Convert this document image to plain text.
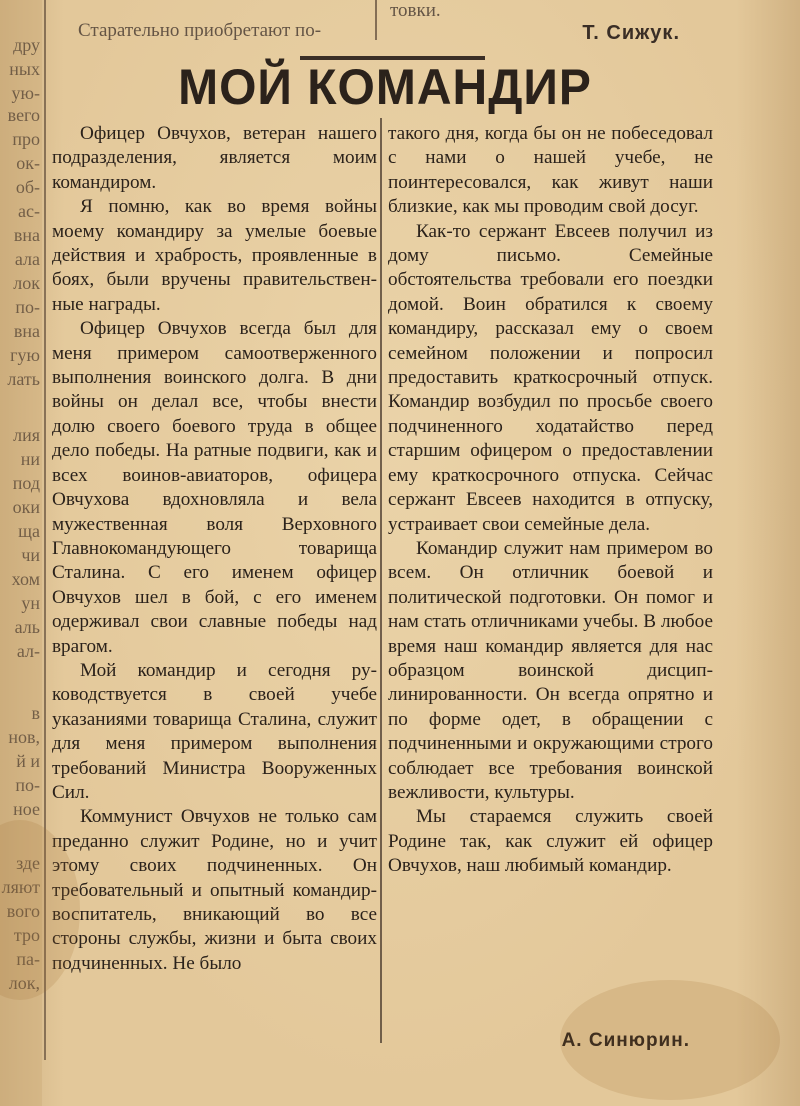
дру
ных
ую-
вего
про
ок-
об-
ас-
вна
ала
лок
по-
вна
гую
лать
лия
ни
под
оки
ща
чи
хом
ун
аль
ал-
в
нов,
й и
по-
ное
зде
ляют
вого
тро
па-
лок,
Старательно приобретают по-
товки.
Т. Сижук.
МОЙ КОМАНДИР

Офицер Овчухов, ветеран нашего подразделения, является моим командиром.

Я помню, как во время войны моему командиру за умелые боевые действия и храбрость, проявленные в боях, были вручены правительственные награды.

Офицер Овчухов всегда был для меня примером самоотверженного выполнения воинского долга. В дни войны он делал все, чтобы внести долю своего боевого труда в общее дело победы. На ратные подвиги, как и всех воинов-авиаторов, офицера Овчухова вдохновляла и вела мужественная воля Верховного Главнокомандующего товарища Сталина. С его именем офицер Овчухов шел в бой, с его именем одерживал свои славные победы над врагом.

Мой командир и сегодня руководствуется в своей учебе указаниями товарища Сталина, служит для меня примером выполнения требований Министра Вооруженных Сил.

Коммунист Овчухов не только сам преданно служит Родине, но и учит этому своих подчиненных. Он требовательный и опытный командир-воспитатель, вникающий во все стороны службы, жизни и быта своих подчиненных. Не было

такого дня, когда бы он не побеседовал с нами о нашей учебе, не поинтересовался, как живут наши близкие, как мы проводим свой досуг.

Как-то сержант Евсеев получил из дому письмо. Семейные обстоятельства требовали его поездки домой. Воин обратился к своему командиру, рассказал ему о своем семейном положении и попросил предоставить краткосрочный отпуск. Командир возбудил по просьбе своего подчиненного ходатайство перед старшим офицером о предоставлении ему краткосрочного отпуска. Сейчас сержант Евсеев находится в отпуску, устраивает свои семейные дела.

Командир служит нам примером во всем. Он отличник боевой и политической подготовки. Он помог и нам стать отличниками учебы. В любое время наш командир является для нас образцом воинской дисциплинированности. Он всегда опрятно и по форме одет, в обращении с подчиненными и окружающими строго соблюдает все требования воинской вежливости, культуры.

Мы стараемся служить своей Родине так, как служит ей офицер Овчухов, наш любимый командир.

А. Синюрин.
